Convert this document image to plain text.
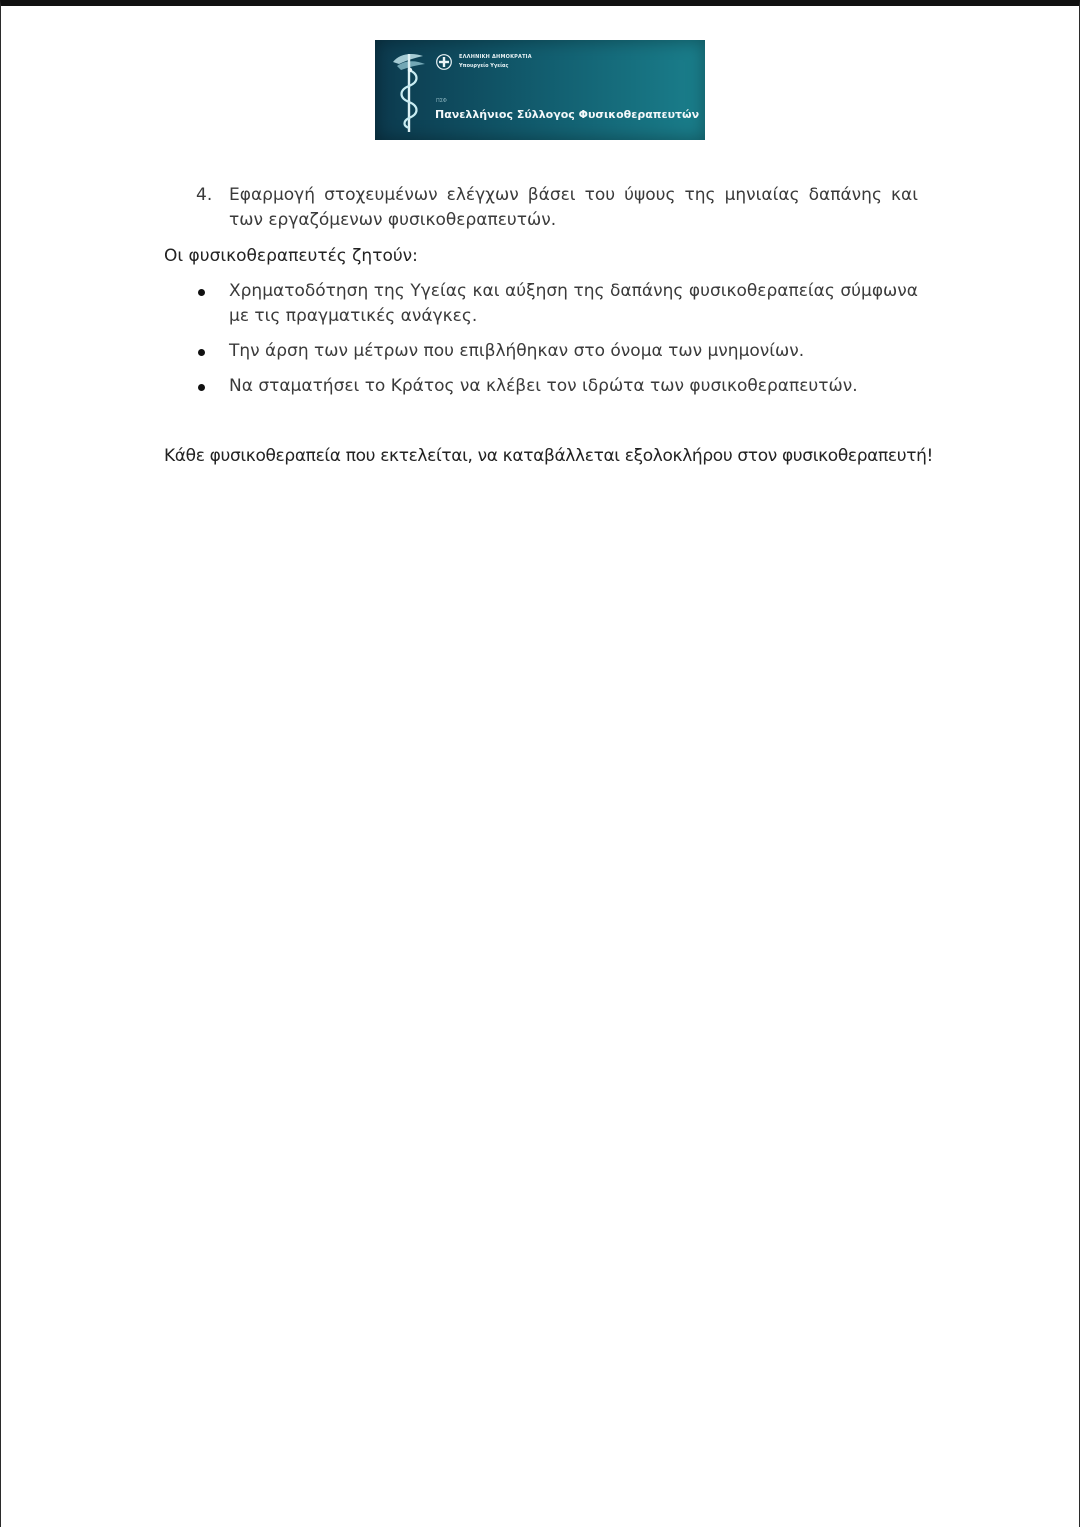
ΕΛΛΗΝΙΚΗ ΔΗΜΟΚΡΑΤΙΑ
Υπουργείο Υγείας
ΠΣΦ
Πανελλήνιος Σύλλογος Φυσικοθεραπευτών
4. Εφαρμογή στοχευμένων ελέγχων βάσει του ύψους της μηνιαίας δαπάνης και των εργαζόμενων φυσικοθεραπευτών.
Οι φυσικοθεραπευτές ζητούν:
Χρηματοδότηση της Υγείας και αύξηση της δαπάνης φυσικοθεραπείας σύμφωνα με τις πραγματικές ανάγκες.
Την άρση των μέτρων που επιβλήθηκαν στο όνομα των μνημονίων.
Να σταματήσει το Κράτος να κλέβει τον ιδρώτα των φυσικοθεραπευτών.
Κάθε φυσικοθεραπεία που εκτελείται, να καταβάλλεται εξολοκλήρου στον φυσικοθεραπευτή!
